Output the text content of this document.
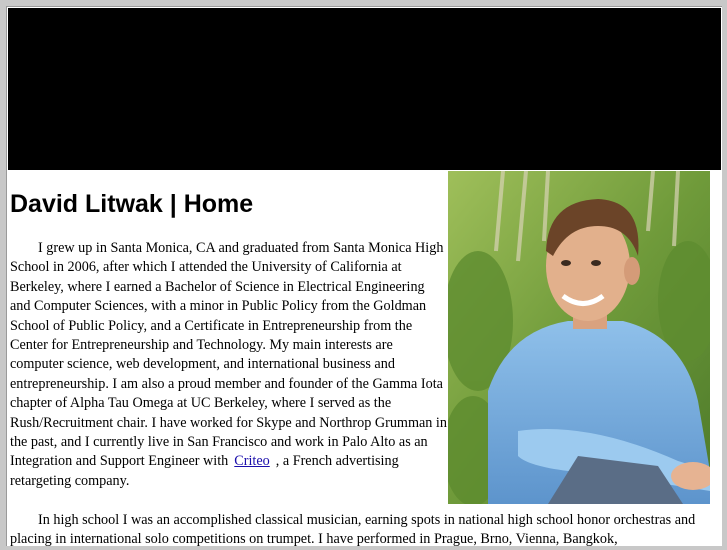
David Litwak | Home

I grew up in Santa Monica, CA and graduated from Santa Monica High School in 2006, after which I attended the University of California at Berkeley, where I earned a Bachelor of Science in Electrical Engineering and Computer Sciences, with a minor in Public Policy from the Goldman School of Public Policy, and a Certificate in Entrepreneurship from the Center for Entrepreneurship and Technology. My main interests are computer science, web development, and international business and entrepreneurship. I am also a proud member and founder of the Gamma Iota chapter of Alpha Tau Omega at UC Berkeley, where I served as the Rush/Recruitment chair. I have worked for Skype and Northrop Grumman in the past, and I currently live in San Francisco and work in Palo Alto as an Integration and Support Engineer with Criteo , a French advertising retargeting company.

In high school I was an accomplished classical musician, earning spots in national high school honor orchestras and placing in international solo competitions on trumpet. I have performed in Prague, Brno, Vienna, Bangkok,
